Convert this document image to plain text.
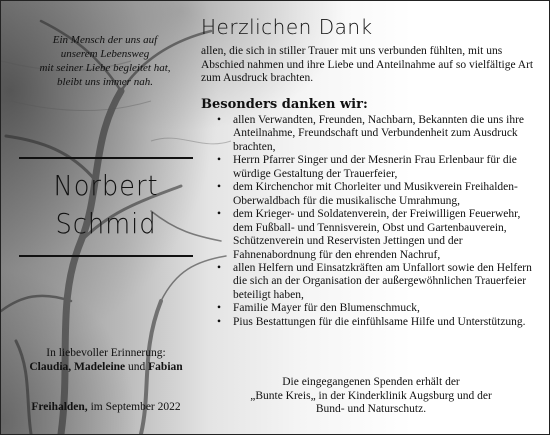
Ein Mensch der uns auf
unserem Lebensweg
mit seiner Liebe begleitet hat,
bleibt uns immer nah.
Norbert
Schmid
In liebevoller Erinnerung:
Claudia, Madeleine und Fabian
Freihalden, im September 2022
Herzlichen Dank
allen, die sich in stiller Trauer mit uns verbunden fühlten, mit uns Abschied nahmen und ihre Liebe und Anteilnahme auf so vielfältige Art zum Ausdruck brachten.
Besonders danken wir:
• allen Verwandten, Freunden, Nachbarn, Bekannten die uns ihre Anteilnahme, Freundschaft und Verbundenheit zum Ausdruck brachten,
• Herrn Pfarrer Singer und der Mesnerin Frau Erlenbaur für die würdige Gestaltung der Trauerfeier,
• dem Kirchenchor mit Chorleiter und Musikverein Freihalden-Oberwaldbach für die musikalische Umrahmung,
• dem Krieger- und Soldatenverein, der Freiwilligen Feuerwehr, dem Fußball- und Tennisverein, Obst und Gartenbauverein, Schützenverein und Reservisten Jettingen und der Fahnenabordnung für den ehrenden Nachruf,
• allen Helfern und Einsatzkräften am Unfallort sowie den Helfern die sich an der Organisation der außergewöhnlichen Trauerfeier beteiligt haben,
• Familie Mayer für den Blumenschmuck,
• Pius Bestattungen für die einfühlsame Hilfe und Unterstützung.
Die eingegangenen Spenden erhält der
„Bunte Kreis„ in der Kinderklinik Augsburg und der
Bund- und Naturschutz.
